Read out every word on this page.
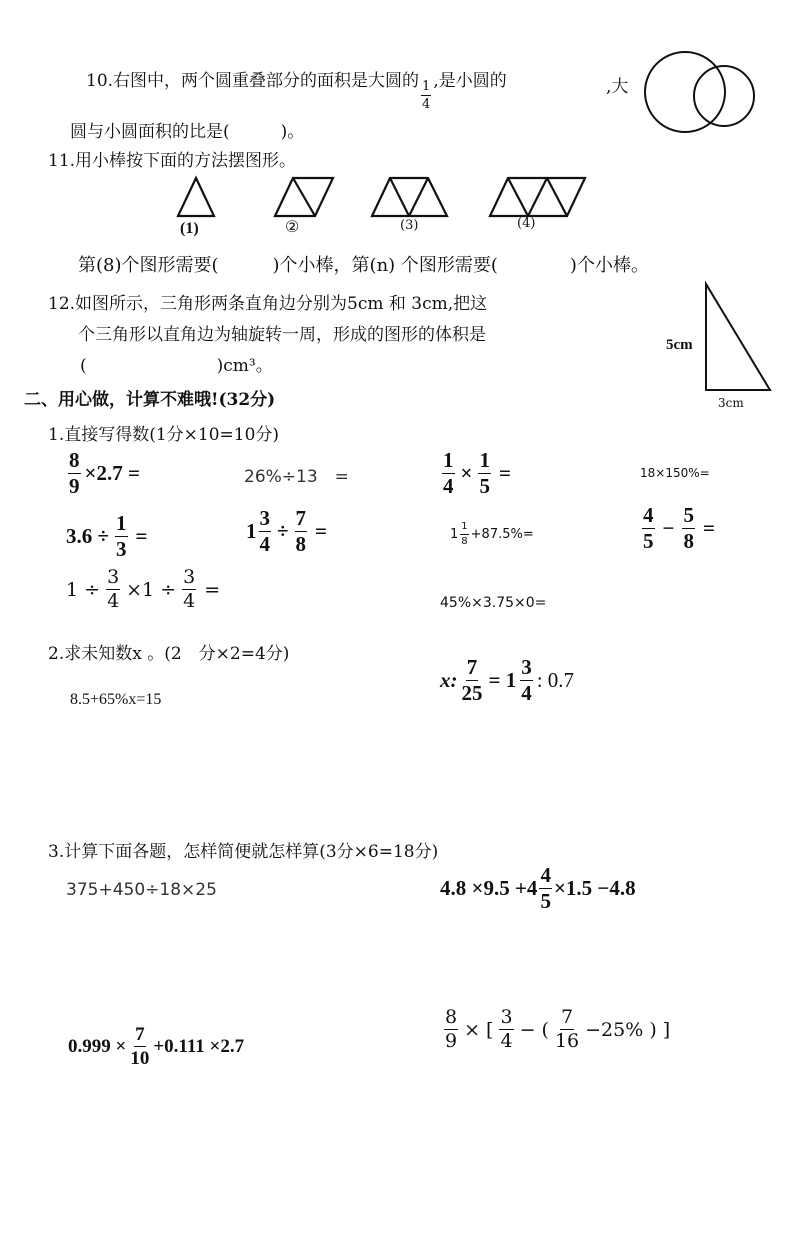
10.右图中，两个圆重叠部分的面积是大圆的 $\frac{1}{4}$ ,是小圆的	,大
圆与小圆面积的比是(　　　)。
11.用小棒按下面的方法摆图形。
(1)	②	(3)	(4)
第(8)个图形需要(　　　)个小棒，第(n) 个图形需要(　　　　)个小棒。
12.如图所示，三角形两条直角边分别为5cm 和 3cm,把这
个三角形以直角边为轴旋转一周，形成的图形的体积是
(	)cm³。
5cm
3cm
二、用心做，计算不难哦!(32分)
1.直接写得数(1分×10=10分)
$\frac{8}{9} \times 2.7$ =	26%÷13　=	$\frac{1}{4} \times \frac{1}{5}$ =	18×150%=
$3.6 \div \frac{1}{3}$ =	$1 \frac{3}{4} \div \frac{7}{8}$ =	$1 \frac{1}{8} +87.5\%=$	$\frac{4}{5} - \frac{5}{8}$ =
$1 \div \frac{3}{4} \times 1 \div \frac{3}{4}$ =
45%×3.75×0=
2.求未知数x 。(2　分×2=4分)
8.5+65%x=15
x: $\frac{7}{25} = 1 \frac{3}{4}$ : 0.7
3.计算下面各题，怎样简便就怎样算(3分×6=18分)
375+450÷18×25	$4.8 \times 9.5 +4 \frac{4}{5} \times 1.5 -4.8$
$0.999 \times \frac{7}{10} +0.111 \times 2.7$	$\frac{8}{9}$ × [ $\frac{3}{4}$ − ( $\frac{7}{16} -25\%$ ) ]
